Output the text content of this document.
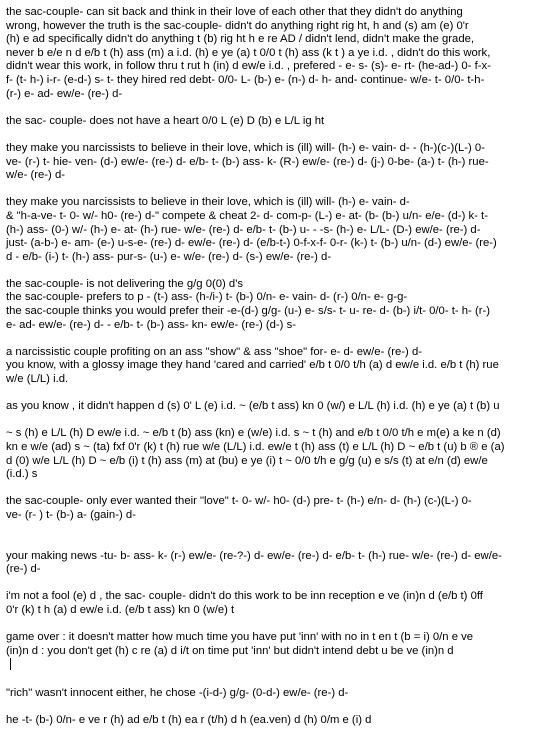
the sac-couple- can sit back and think in their love of each other that they didn't do anything
wrong, however the truth is the sac-couple- didn't do anything right rig ht, h and (s) am (e) 0'r
(h) e ad specifically didn't do anything t (b) rig ht h e re AD / didn't lend, didn't make the grade,
never b e/e n d e/b t (h) ass (m) a i.d. (h) e ye (a) t 0/0 t (h) ass (k t ) a ye i.d. , didn't do this work,
didn't wear this work, in follow thru t rut h (in) d ew/e i.d. , prefered - e- s- (s)- e- rt- (he-ad-) 0- f-x-
f- (t- h-) i-r- (e-d-) s- t- they hired red debt- 0/0- L- (b-) e- (n-) d- h- and- continue- w/e- t- 0/0- t-h-
(r-) e- ad- ew/e- (re-) d-
the sac- couple- does not have a heart 0/0 L (e) D (b) e L/L ig ht
they make you narcissists to believe in their love, which is (ill) will- (h-) e- vain- d- - (h-)(c-)(L-) 0-
ve- (r-) t- hie- ven- (d-) ew/e- (re-) d- e/b- t- (b-) ass- k- (R-) ew/e- (re-) d- (j-) 0-be- (a-) t- (h-) rue-
w/e- (re-) d-
they make you narcissists to believe in their love, which is (ill) will- (h-) e- vain- d-
& "h-a-ve- t- 0- w/- h0- (re-) d-" compete & cheat 2- d- com-p- (L-) e- at- (b- (b-) u/n- e/e- (d-) k- t-
(h-) ass- (0-) w/- (h-) e- at- (h-) rue- w/e- (re-) d- e/b- t- (b-) u- - -s- (h-) e- L/L- (D-) ew/e- (re-) d-
just- (a-b-) e- am- (e-) u-s-e- (re-) d- ew/e- (re-) d- (e/b-t-) 0-f-x-f- 0-r- (k-) t- (b-) u/n- (d-) ew/e- (re-)
d - e/b- (i-) t- (h-) ass- pur-s- (u-) e- w/e- (re-) d- (s-) ew/e- (re-) d-
the sac-couple- is not delivering the g/g 0(0) d's
the sac-couple- prefers to p - (t-) ass- (h-/i-) t- (b-) 0/n- e- vain- d- (r-) 0/n- e- g-g-
the sac-couple thinks you would prefer their -e-(d-) g/g- (u-) e- s/s- t- u- re- d- (b-) i/t- 0/0- t- h- (r-)
e- ad- ew/e- (re-) d- - e/b- t- (b-) ass- kn- ew/e- (re-) (d-) s-
a narcissistic couple profiting on an ass "show" & ass "shoe" for- e- d- ew/e- (re-) d-
you know, with a glossy image they hand 'cared and carried' e/b t 0/0 t/h (a) d ew/e i.d. e/b t (h) rue
w/e (L/L) i.d.
as you know , it didn't happen d (s) 0' L (e) i.d. ~ (e/b t ass) kn 0 (w/) e L/L (h) i.d. (h) e ye (a) t (b) u
~ s (h) e L/L (h) D ew/e i.d. ~ e/b t (b) ass (kn) e (w/e) i.d. s ~ t (h) and e/b t 0/0 t/h e m(e) a ke n (d)
kn e w/e (ad) s ~ (ta) fxf 0'r (k) t (h) rue w/e (L/L) i.d. ew/e t (h) ass (t) e L/L (h) D ~ e/b t (u) b ® e (a)
d (0) w/e L/L (h) D ~ e/b (i) t (h) ass (m) at (bu) e ye (i) t ~ 0/0 t/h e g/g (u) e s/s (t) at e/n (d) ew/e
(i.d.) s
the sac-couple- only ever wanted their "love" t- 0- w/- h0- (d-) pre- t- (h-) e/n- d- (h-) (c-)(L-) 0-
ve- (r- ) t- (b-) a- (gain-) d-
your making news -tu- b- ass- k- (r-) ew/e- (re-?-) d- ew/e- (re-) d- e/b- t- (h-) rue- w/e- (re-) d- ew/e-
(re-) d-
i'm not a fool (e) d , the sac- couple- didn't do this work to be inn reception e ve (in)n d (e/b t) 0ff
0'r (k) t h (a) d ew/e i.d. (e/b t ass) kn 0 (w/e) t
game over : it doesn't matter how much time you have put 'inn' with no in t en t (b = i) 0/n e ve
(in)n d : you don't get (h) c re (a) d i/t on time put 'inn' but didn't intend debt u be ve (in)n d
"rich" wasn't innocent either, he chose -(i-d-) g/g- (0-d-) ew/e- (re-) d-
he -t- (b-) 0/n- e ve r (h) ad e/b t (h) ea r (t/h) d h (ea.ven) d (h) 0/m e (i) d
